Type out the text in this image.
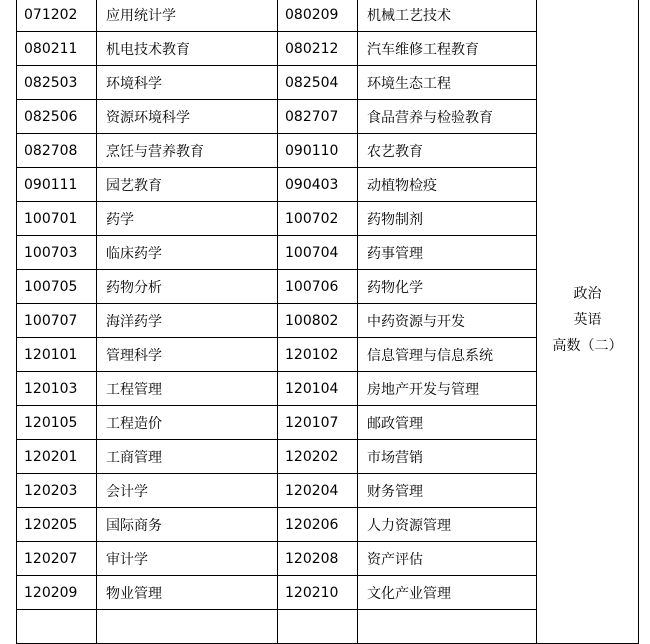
071202	应用统计学	080209	机械工艺技术	政治
英语
高数（二）

080211	机电技术教育	080212	汽车维修工程教育	
082503	环境科学	082504	环境生态工程	
082506	资源环境科学	082707	食品营养与检验教育	
082708	烹饪与营养教育	090110	农艺教育	
090111	园艺教育	090403	动植物检疫	
100701	药学	100702	药物制剂	
100703	临床药学	100704	药事管理	
100705	药物分析	100706	药物化学	
100707	海洋药学	100802	中药资源与开发	
120101	管理科学	120102	信息管理与信息系统	
120103	工程管理	120104	房地产开发与管理	
120105	工程造价	120107	邮政管理	
120201	工商管理	120202	市场营销	
120203	会计学	120204	财务管理	
120205	国际商务	120206	人力资源管理	
120207	审计学	120208	资产评估	
120209	物业管理	120210	文化产业管理	
